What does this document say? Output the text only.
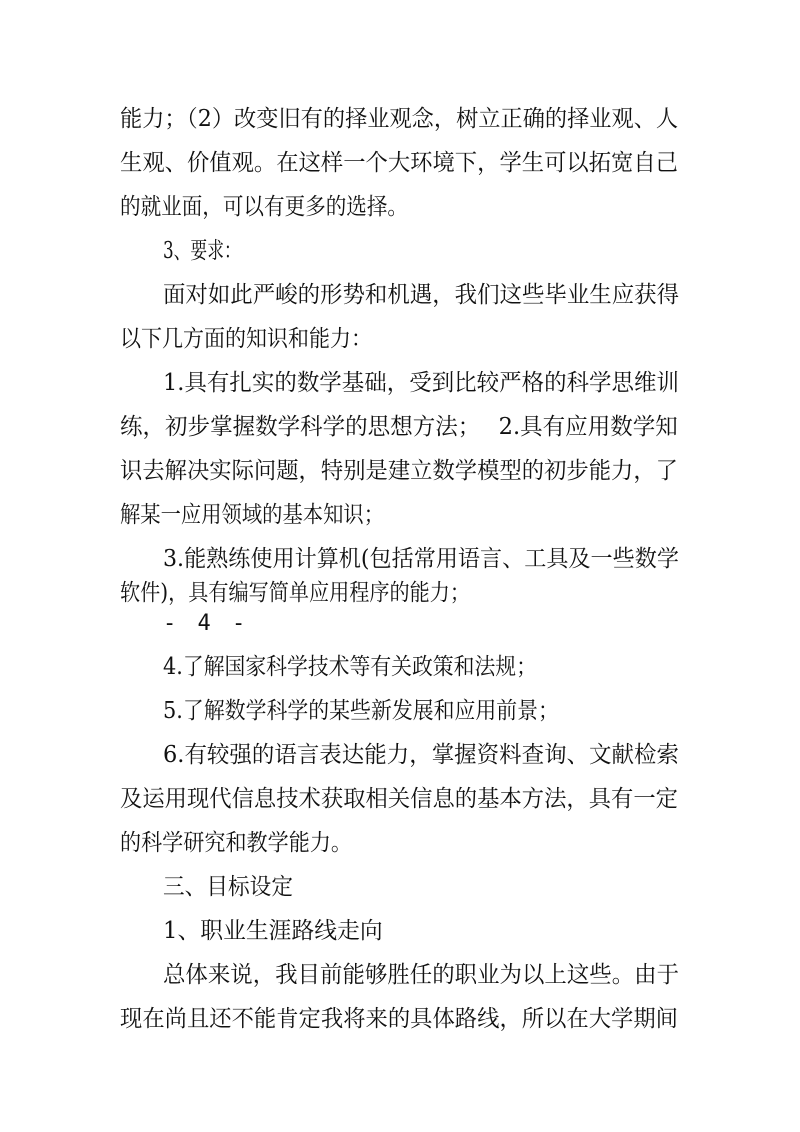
能力；（2）改变旧有的择业观念，树立正确的择业观、人
生观、价值观。在这样一个大环境下，学生可以拓宽自己
的就业面，可以有更多的选择。
3、要求：
面对如此严峻的形势和机遇，我们这些毕业生应获得
以下几方面的知识和能力：
1.具有扎实的数学基础，受到比较严格的科学思维训
练，初步掌握数学科学的思想方法；　 2.具有应用数学知
识去解决实际问题，特别是建立数学模型的初步能力，了
解某一应用领域的基本知识；
3.能熟练使用计算机(包括常用语言、工具及一些数学
软件)，具有编写简单应用程序的能力；
- 4 -
4.了解国家科学技术等有关政策和法规；
5.了解数学科学的某些新发展和应用前景；
6.有较强的语言表达能力，掌握资料查询、文献检索
及运用现代信息技术获取相关信息的基本方法，具有一定
的科学研究和教学能力。
三、目标设定
1、职业生涯路线走向
总体来说，我目前能够胜任的职业为以上这些。由于
现在尚且还不能肯定我将来的具体路线，所以在大学期间
